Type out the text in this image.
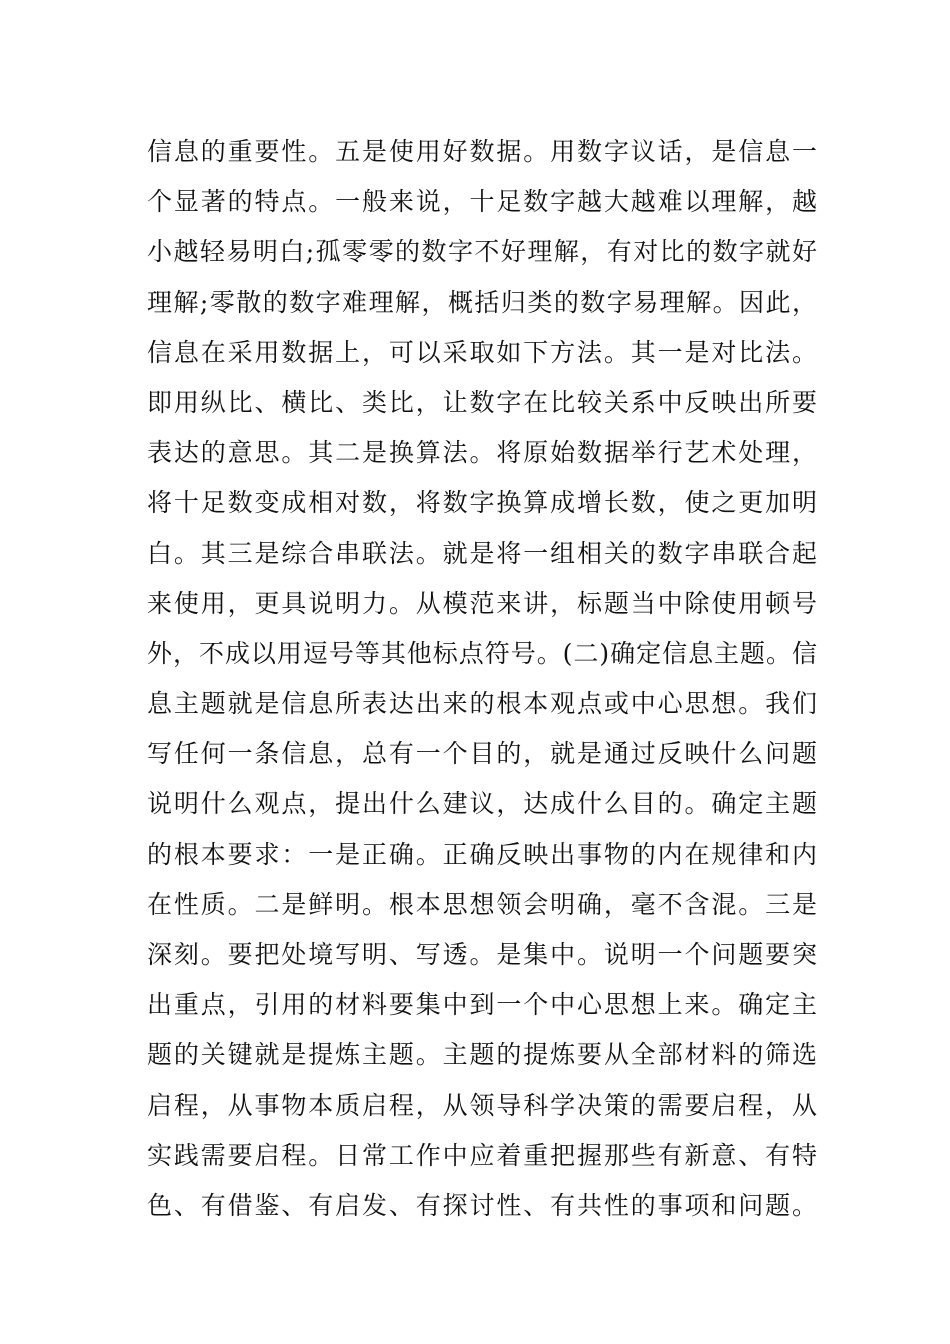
信息的重要性。五是使用好数据。用数字议话，是信息一
个显著的特点。一般来说，十足数字越大越难以理解，越
小越轻易明白;孤零零的数字不好理解，有对比的数字就好
理解;零散的数字难理解，概括归类的数字易理解。因此，
信息在采用数据上，可以采取如下方法。其一是对比法。
即用纵比、横比、类比，让数字在比较关系中反映出所要
表达的意思。其二是换算法。将原始数据举行艺术处理，
将十足数变成相对数，将数字换算成增长数，使之更加明
白。其三是综合串联法。就是将一组相关的数字串联合起
来使用，更具说明力。从模范来讲，标题当中除使用顿号
外，不成以用逗号等其他标点符号。(二)确定信息主题。信
息主题就是信息所表达出来的根本观点或中心思想。我们
写任何一条信息，总有一个目的，就是通过反映什么问题
说明什么观点，提出什么建议，达成什么目的。确定主题
的根本要求：一是正确。正确反映出事物的内在规律和内
在性质。二是鲜明。根本思想领会明确，毫不含混。三是
深刻。要把处境写明、写透。是集中。说明一个问题要突
出重点，引用的材料要集中到一个中心思想上来。确定主
题的关键就是提炼主题。主题的提炼要从全部材料的筛选
启程，从事物本质启程，从领导科学决策的需要启程，从
实践需要启程。日常工作中应着重把握那些有新意、有特
色、有借鉴、有启发、有探讨性、有共性的事项和问题。
